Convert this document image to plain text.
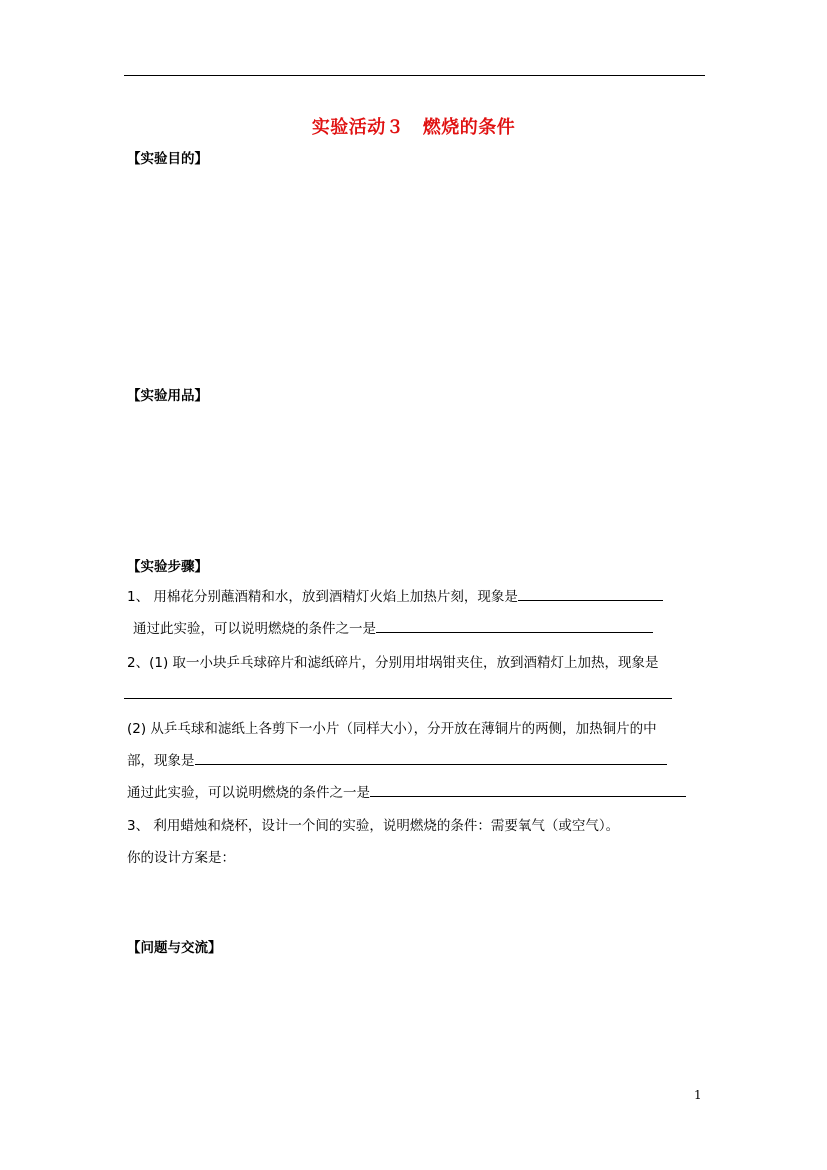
实验活动３　燃烧的条件
【实验目的】
【实验用品】
【实验步骤】
1、 用棉花分别蘸酒精和水，放到酒精灯火焰上加热片刻，现象是
通过此实验，可以说明燃烧的条件之一是
2、(1) 取一小块乒乓球碎片和滤纸碎片，分别用坩埚钳夹住，放到酒精灯上加热，现象是
(2) 从乒乓球和滤纸上各剪下一小片（同样大小），分开放在薄铜片的两侧，加热铜片的中
部，现象是
通过此实验，可以说明燃烧的条件之一是
3、 利用蜡烛和烧杯，设计一个间的实验，说明燃烧的条件：需要氧气（或空气）。
你的设计方案是：
【问题与交流】
1
